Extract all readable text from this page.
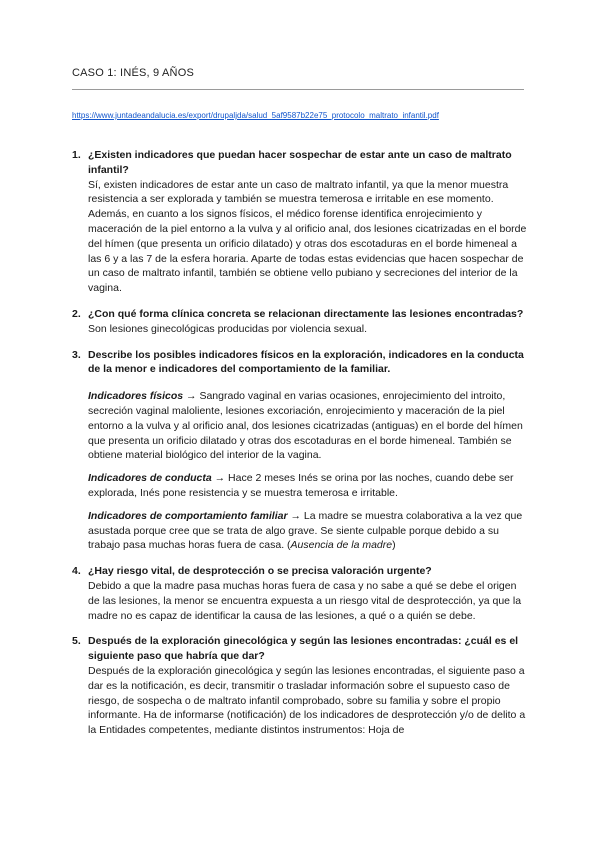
CASO 1: INÉS, 9 AÑOS
https://www.juntadeandalucia.es/export/drupaljda/salud_5af9587b22e75_protocolo_maltrato_infantil.pdf
1. ¿Existen indicadores que puedan hacer sospechar de estar ante un caso de maltrato infantil?

Sí, existen indicadores de estar ante un caso de maltrato infantil, ya que la menor muestra resistencia a ser explorada y también se muestra temerosa e irritable en ese momento.

Además, en cuanto a los signos físicos, el médico forense identifica enrojecimiento y maceración de la piel entorno a la vulva y al orificio anal, dos lesiones cicatrizadas en el borde del hímen (que presenta un orificio dilatado) y otras dos escotaduras en el borde himeneal a las 6 y a las 7 de la esfera horaria. Aparte de todas estas evidencias que hacen sospechar de un caso de maltrato infantil, también se obtiene vello pubiano y secreciones del interior de la vagina.

2. ¿Con qué forma clínica concreta se relacionan directamente las lesiones encontradas?

Son lesiones ginecológicas producidas por violencia sexual.

3. Describe los posibles indicadores físicos en la exploración, indicadores en la conducta de la menor e indicadores del comportamiento de la familiar.

Indicadores físicos → Sangrado vaginal en varias ocasiones, enrojecimiento del introito, secreción vaginal maloliente, lesiones excoriación, enrojecimiento y maceración de la piel entorno a la vulva y al orificio anal, dos lesiones cicatrizadas (antiguas) en el borde del hímen que presenta un orificio dilatado y otras dos escotaduras en el borde himeneal. También se obtiene material biológico del interior de la vagina.

Indicadores de conducta → Hace 2 meses Inés se orina por las noches, cuando debe ser explorada, Inés pone resistencia y se muestra temerosa e irritable.

Indicadores de comportamiento familiar → La madre se muestra colaborativa a la vez que asustada porque cree que se trata de algo grave. Se siente culpable porque debido a su trabajo pasa muchas horas fuera de casa. (Ausencia de la madre)

4. ¿Hay riesgo vital, de desprotección o se precisa valoración urgente?

Debido a que la madre pasa muchas horas fuera de casa y no sabe a qué se debe el origen de las lesiones, la menor se encuentra expuesta a un riesgo vital de desprotección, ya que la madre no es capaz de identificar la causa de las lesiones, a qué o a quién se debe.

5. Después de la exploración ginecológica y según las lesiones encontradas: ¿cuál es el siguiente paso que habría que dar?

Después de la exploración ginecológica y según las lesiones encontradas, el siguiente paso a dar es la notificación, es decir, transmitir o trasladar información sobre el supuesto caso de riesgo, de sospecha o de maltrato infantil comprobado, sobre su familia y sobre el propio informante. Ha de informarse (notificación) de los indicadores de desprotección y/o de delito a la Entidades competentes, mediante distintos instrumentos: Hoja de
